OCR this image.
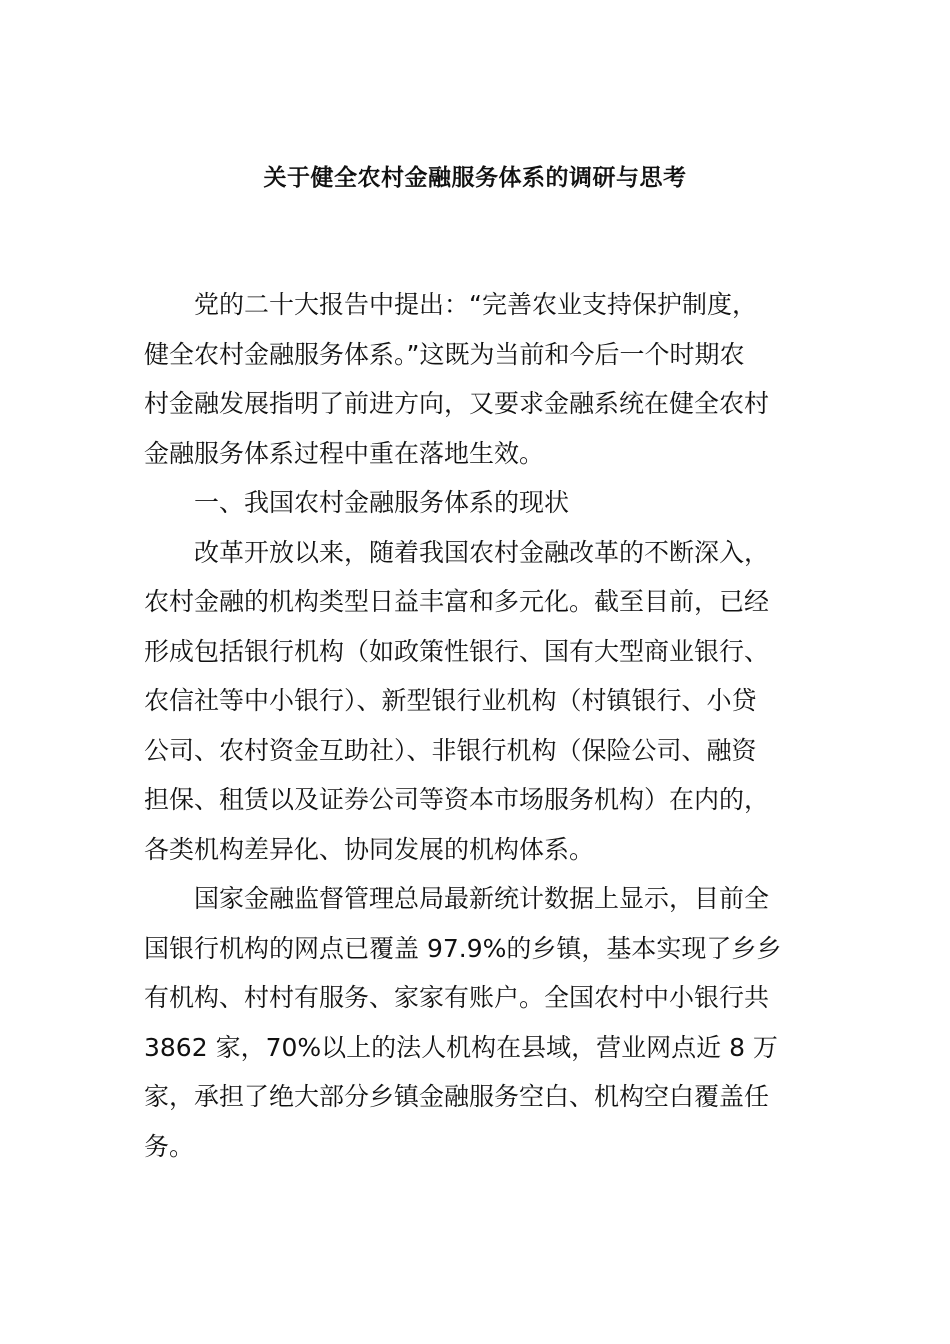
关于健全农村金融服务体系的调研与思考
党的二十大报告中提出：“完善农业支持保护制度，
健全农村金融服务体系。”这既为当前和今后一个时期农
村金融发展指明了前进方向，又要求金融系统在健全农村
金融服务体系过程中重在落地生效。
一、我国农村金融服务体系的现状
改革开放以来，随着我国农村金融改革的不断深入，
农村金融的机构类型日益丰富和多元化。截至目前，已经
形成包括银行机构（如政策性银行、国有大型商业银行、
农信社等中小银行）、新型银行业机构（村镇银行、小贷
公司、农村资金互助社）、非银行机构（保险公司、融资
担保、租赁以及证券公司等资本市场服务机构）在内的，
各类机构差异化、协同发展的机构体系。
国家金融监督管理总局最新统计数据上显示，目前全
国银行机构的网点已覆盖 97.9%的乡镇，基本实现了乡乡
有机构、村村有服务、家家有账户。全国农村中小银行共
3862 家，70%以上的法人机构在县域，营业网点近 8 万
家，承担了绝大部分乡镇金融服务空白、机构空白覆盖任
务。
